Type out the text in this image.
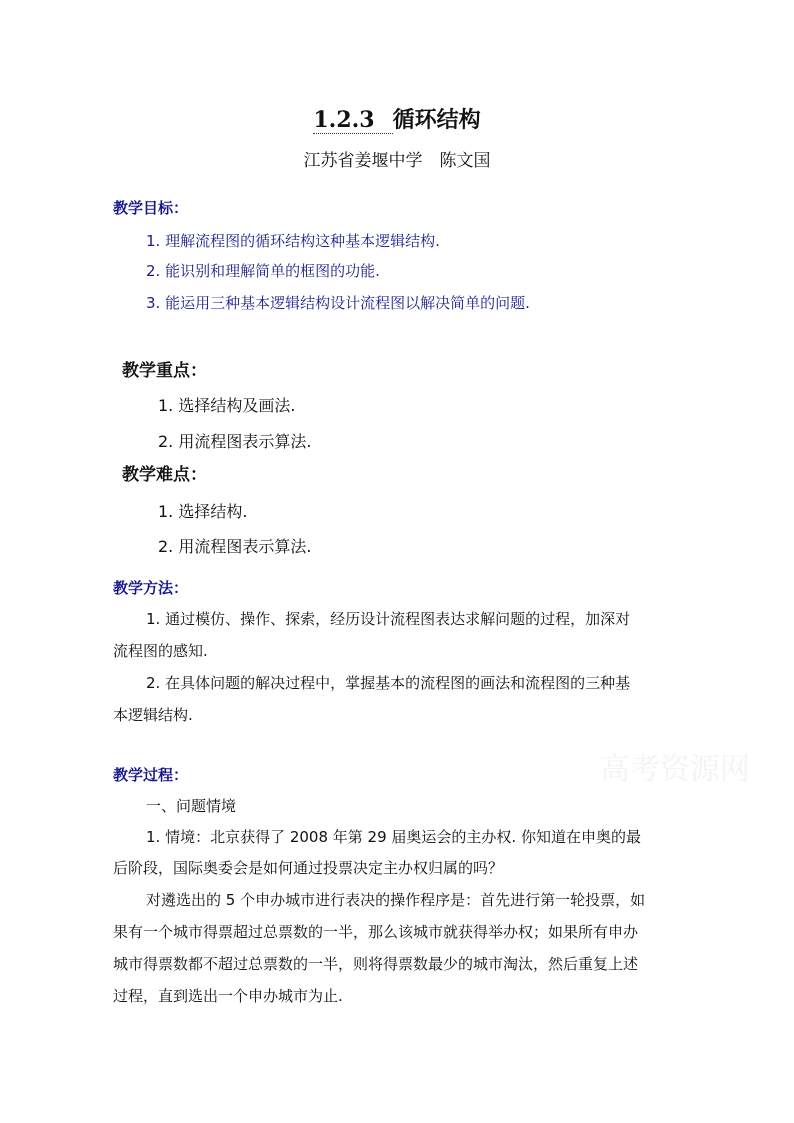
1.2.3 循环结构
江苏省姜堰中学　陈文国
教学目标：
1. 理解流程图的循环结构这种基本逻辑结构.
2. 能识别和理解简单的框图的功能.
3. 能运用三种基本逻辑结构设计流程图以解决简单的问题.
教学重点：
1. 选择结构及画法.
2. 用流程图表示算法.
教学难点：
1. 选择结构.
2. 用流程图表示算法.
教学方法：
1. 通过模仿、操作、探索，经历设计流程图表达求解问题的过程，加深对
流程图的感知.
2. 在具体问题的解决过程中，掌握基本的流程图的画法和流程图的三种基
本逻辑结构.
高考资源网
教学过程：
一、问题情境
1. 情境：北京获得了 2008 年第 29 届奥运会的主办权. 你知道在申奥的最
后阶段，国际奥委会是如何通过投票决定主办权归属的吗？
对遴选出的 5 个申办城市进行表决的操作程序是：首先进行第一轮投票，如
果有一个城市得票超过总票数的一半，那么该城市就获得举办权；如果所有申办
城市得票数都不超过总票数的一半，则将得票数最少的城市淘汰，然后重复上述
过程，直到选出一个申办城市为止.
